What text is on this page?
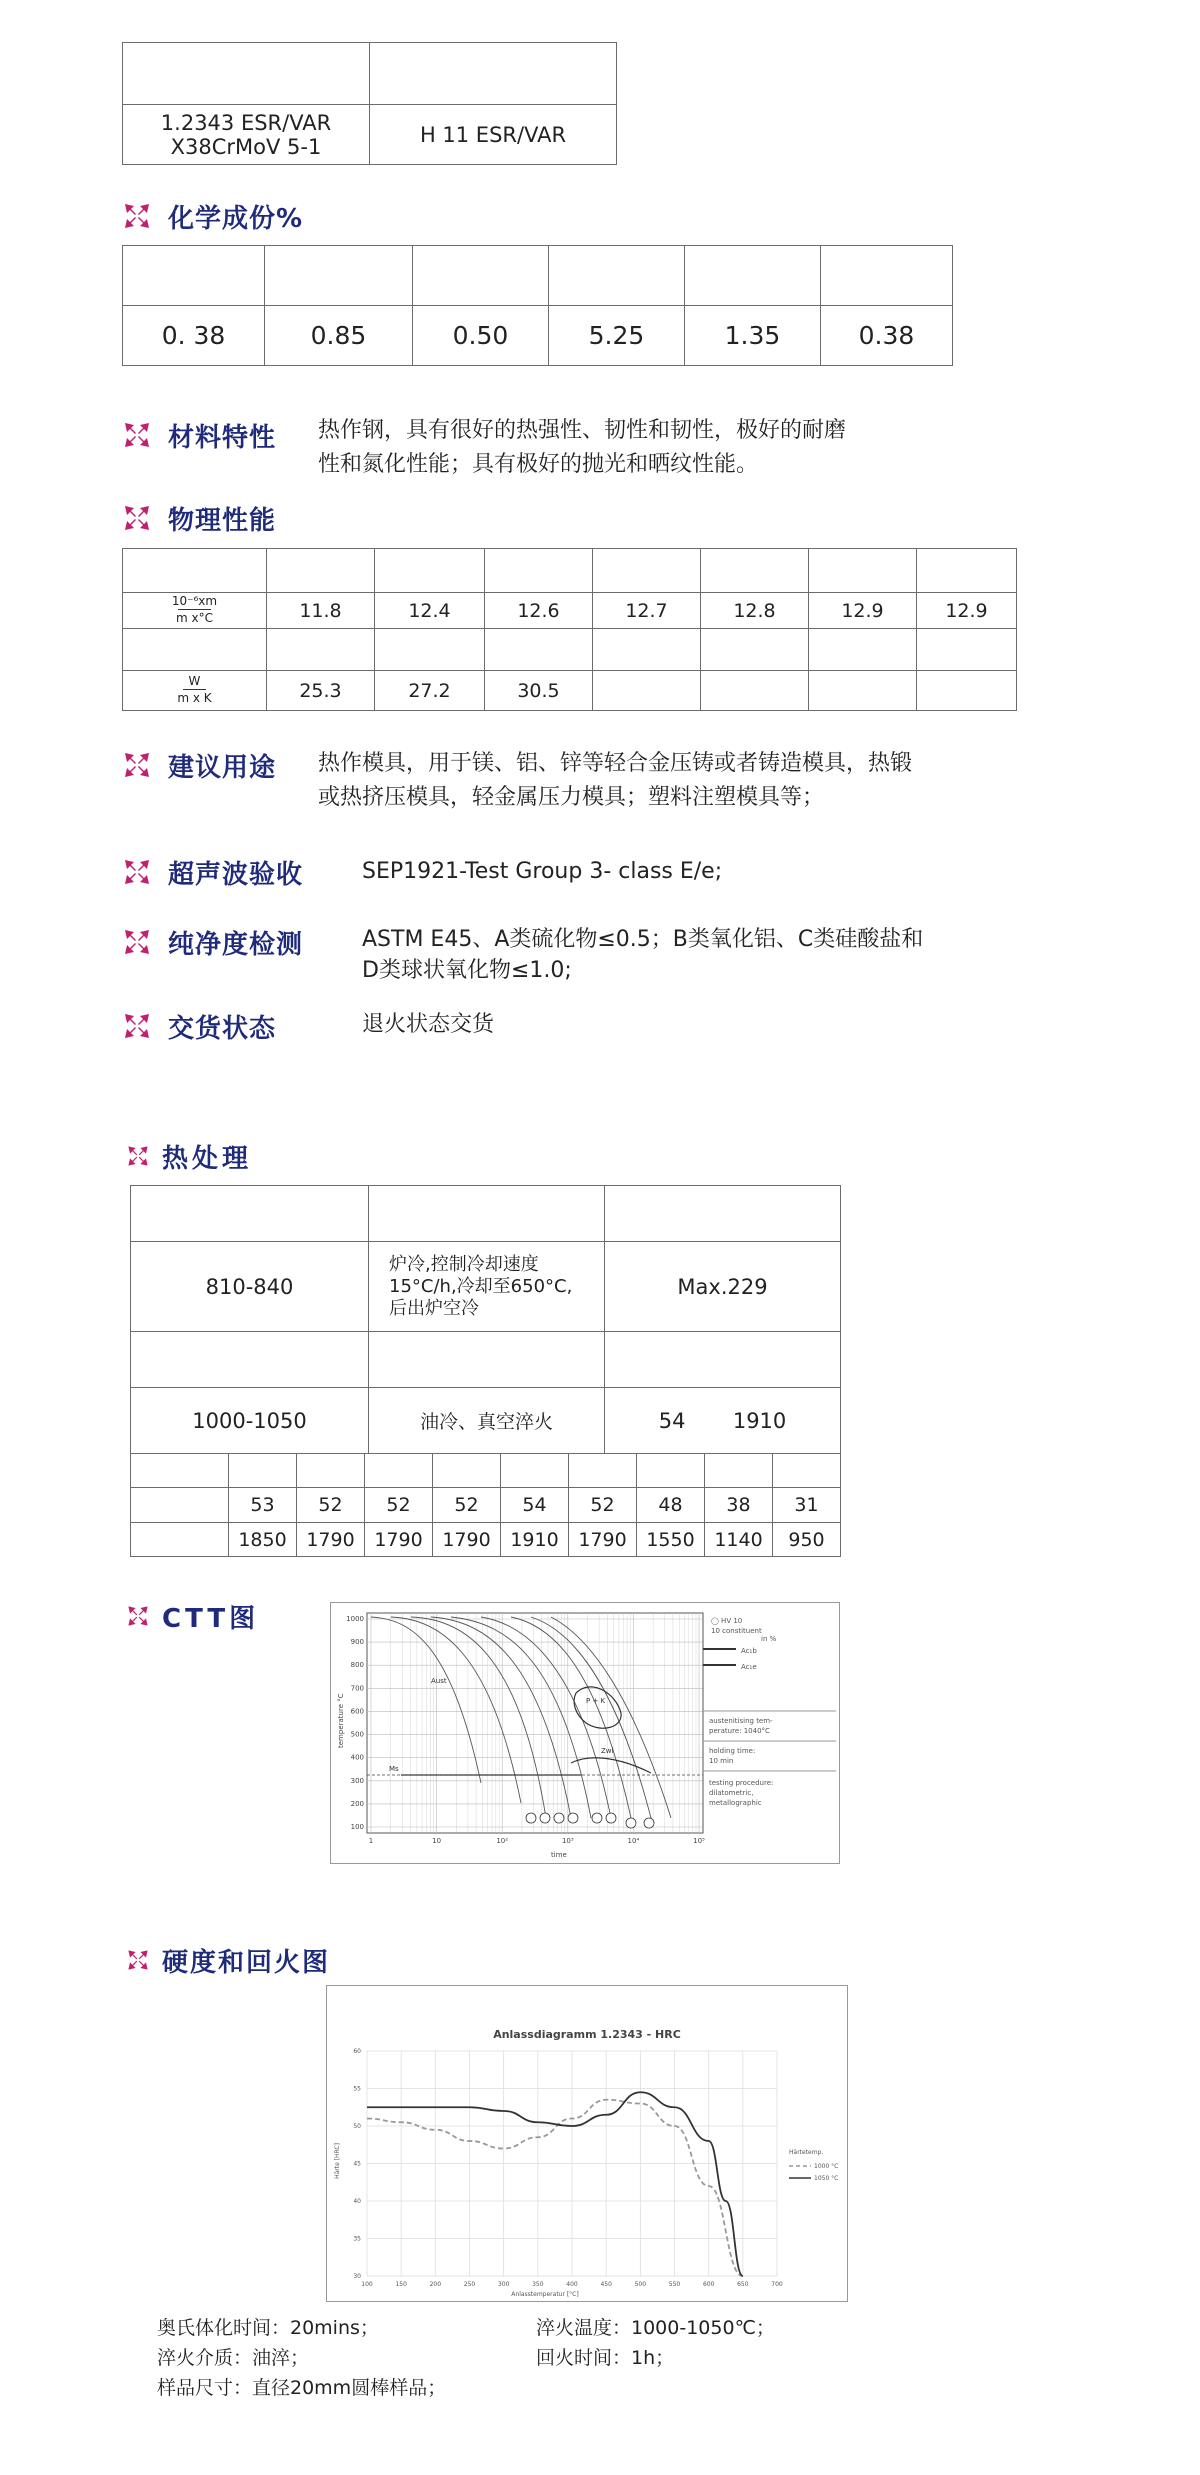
1.2343 ESR/VAR
X38CrMoV 5-1	H 11 ESR/VAR
化学成份%

0. 38	0.85	0.50	5.25	1.35	0.38
材料特性 热作钢，具有很好的热强性、韧性和韧性，极好的耐磨
性和氮化性能；具有极好的抛光和晒纹性能。
物理性能

$\frac{\text{10⁻⁶xm}}{\text{m x°C}}$	11.8	12.4	12.6	12.7	12.8	12.9	12.9

$\frac{W}{\text{m x K}}$	25.3	27.2	30.5				
建议用途 热作模具，用于镁、铝、锌等轻合金压铸或者铸造模具，热锻
或热挤压模具，轻金属压力模具；塑料注塑模具等；
超声波验收	SEP1921-Test Group 3- class E/e;
纯净度检测	ASTM E45、A类硫化物≤0.5；B类氧化铝、C类硅酸盐和
D类球状氧化物≤1.0;
交货状态	退火状态交货
热处理

810-840	炉冷,控制冷却速度
15°C/h,冷却至650°C,
后出炉空冷	Max.229

1000-1050	油冷、真空淬火	54 1910

	53	52	52	52	54	52	48	38	31
	1850	1790	1790	1790	1910	1790	1550	1140	950
CTT图	1000
900
800
700
600
500
400
300
200
100
1	10	10²	10³	10⁴	10⁵
temperature °C
time
Aust
Ms
Zwi
P + K
◯ HV 10
10 constituent
in %
Ac₁b
Ac₁e
austenitising tem-
perature: 1040°C
holding time:
10 min
testing procedure:
dilatometric,
metallographic
硬度和回火图
Anlassdiagramm 1.2343 - HRC
30
35
40
45
50
55
60
100	150	200	250	300	350	400	450	500	550	600	650	700
Anlasstemperatur [°C]
Härte [HRC]	Härtetemp.
1000 °C
1050 °C
奥氏体化时间：20mins；	淬火温度：1000-1050℃；
淬火介质：油淬；	回火时间：1h；
样品尺寸：直径20mm圆棒样品；
